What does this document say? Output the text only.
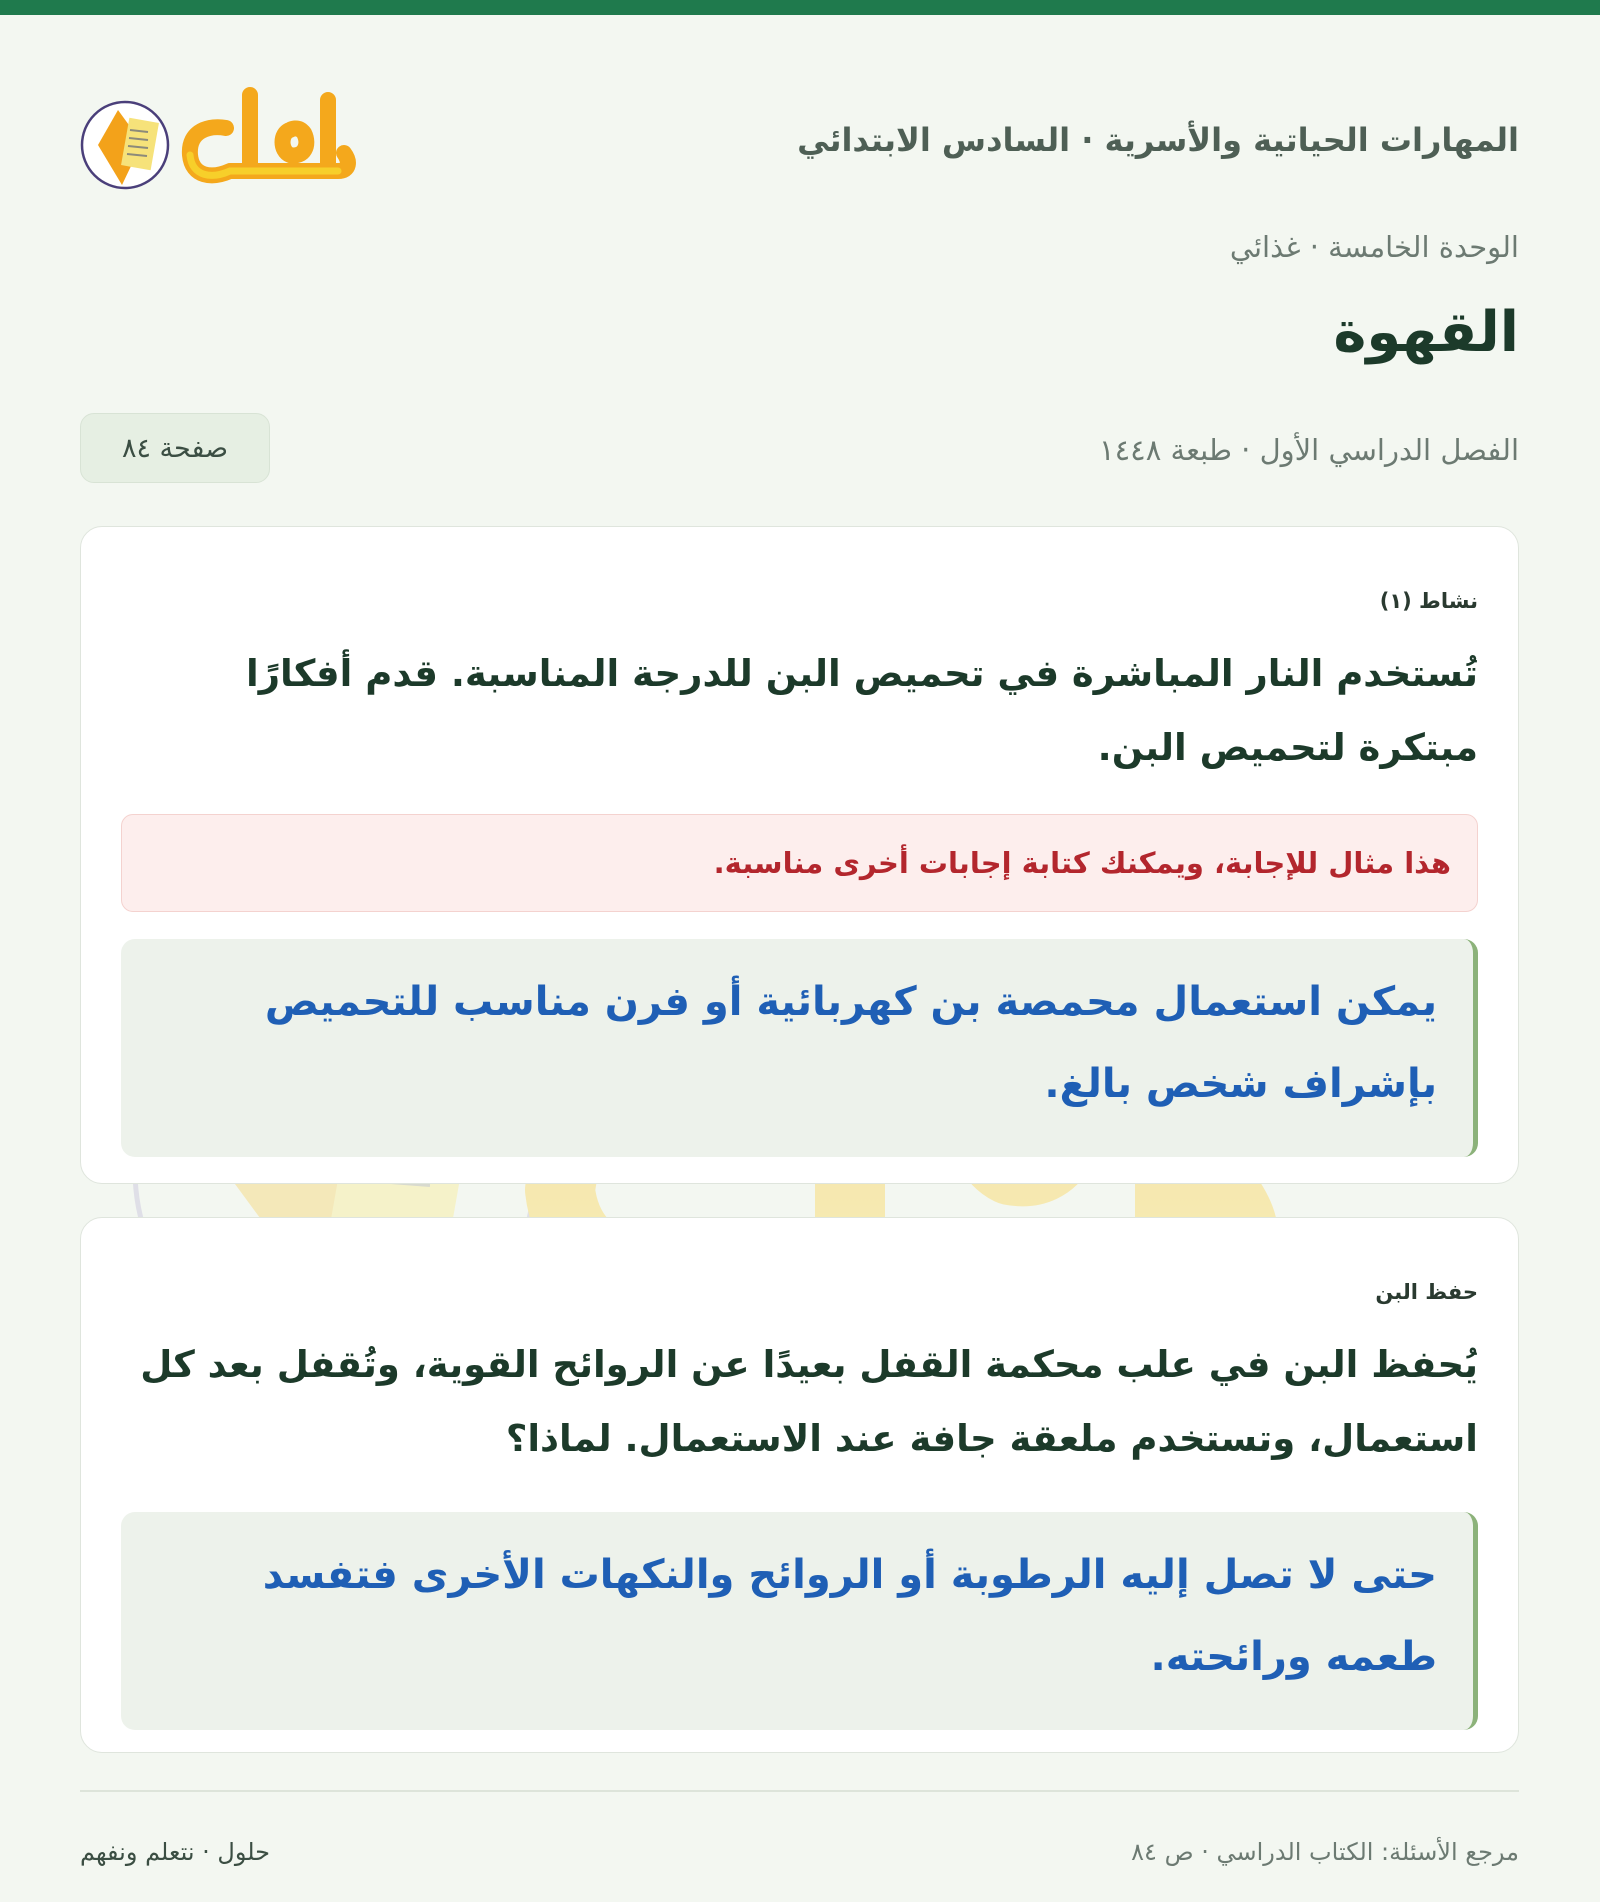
المهارات الحياتية والأسرية · السادس الابتدائي
الوحدة الخامسة · غذائي
القهوة
الفصل الدراسي الأول · طبعة ١٤٤٨
صفحة ٨٤
نشاط (١)
تُستخدم النار المباشرة في تحميص البن للدرجة المناسبة. قدم أفكارًا مبتكرة لتحميص البن.
هذا مثال للإجابة، ويمكنك كتابة إجابات أخرى مناسبة.
يمكن استعمال محمصة بن كهربائية أو فرن مناسب للتحميص بإشراف شخص بالغ.
حفظ البن
يُحفظ البن في علب محكمة القفل بعيدًا عن الروائح القوية، وتُقفل بعد كل استعمال، وتستخدم ملعقة جافة عند الاستعمال. لماذا؟
حتى لا تصل إليه الرطوبة أو الروائح والنكهات الأخرى فتفسد طعمه ورائحته.
مرجع الأسئلة: الكتاب الدراسي · ص ٨٤
حلول · نتعلم ونفهم
